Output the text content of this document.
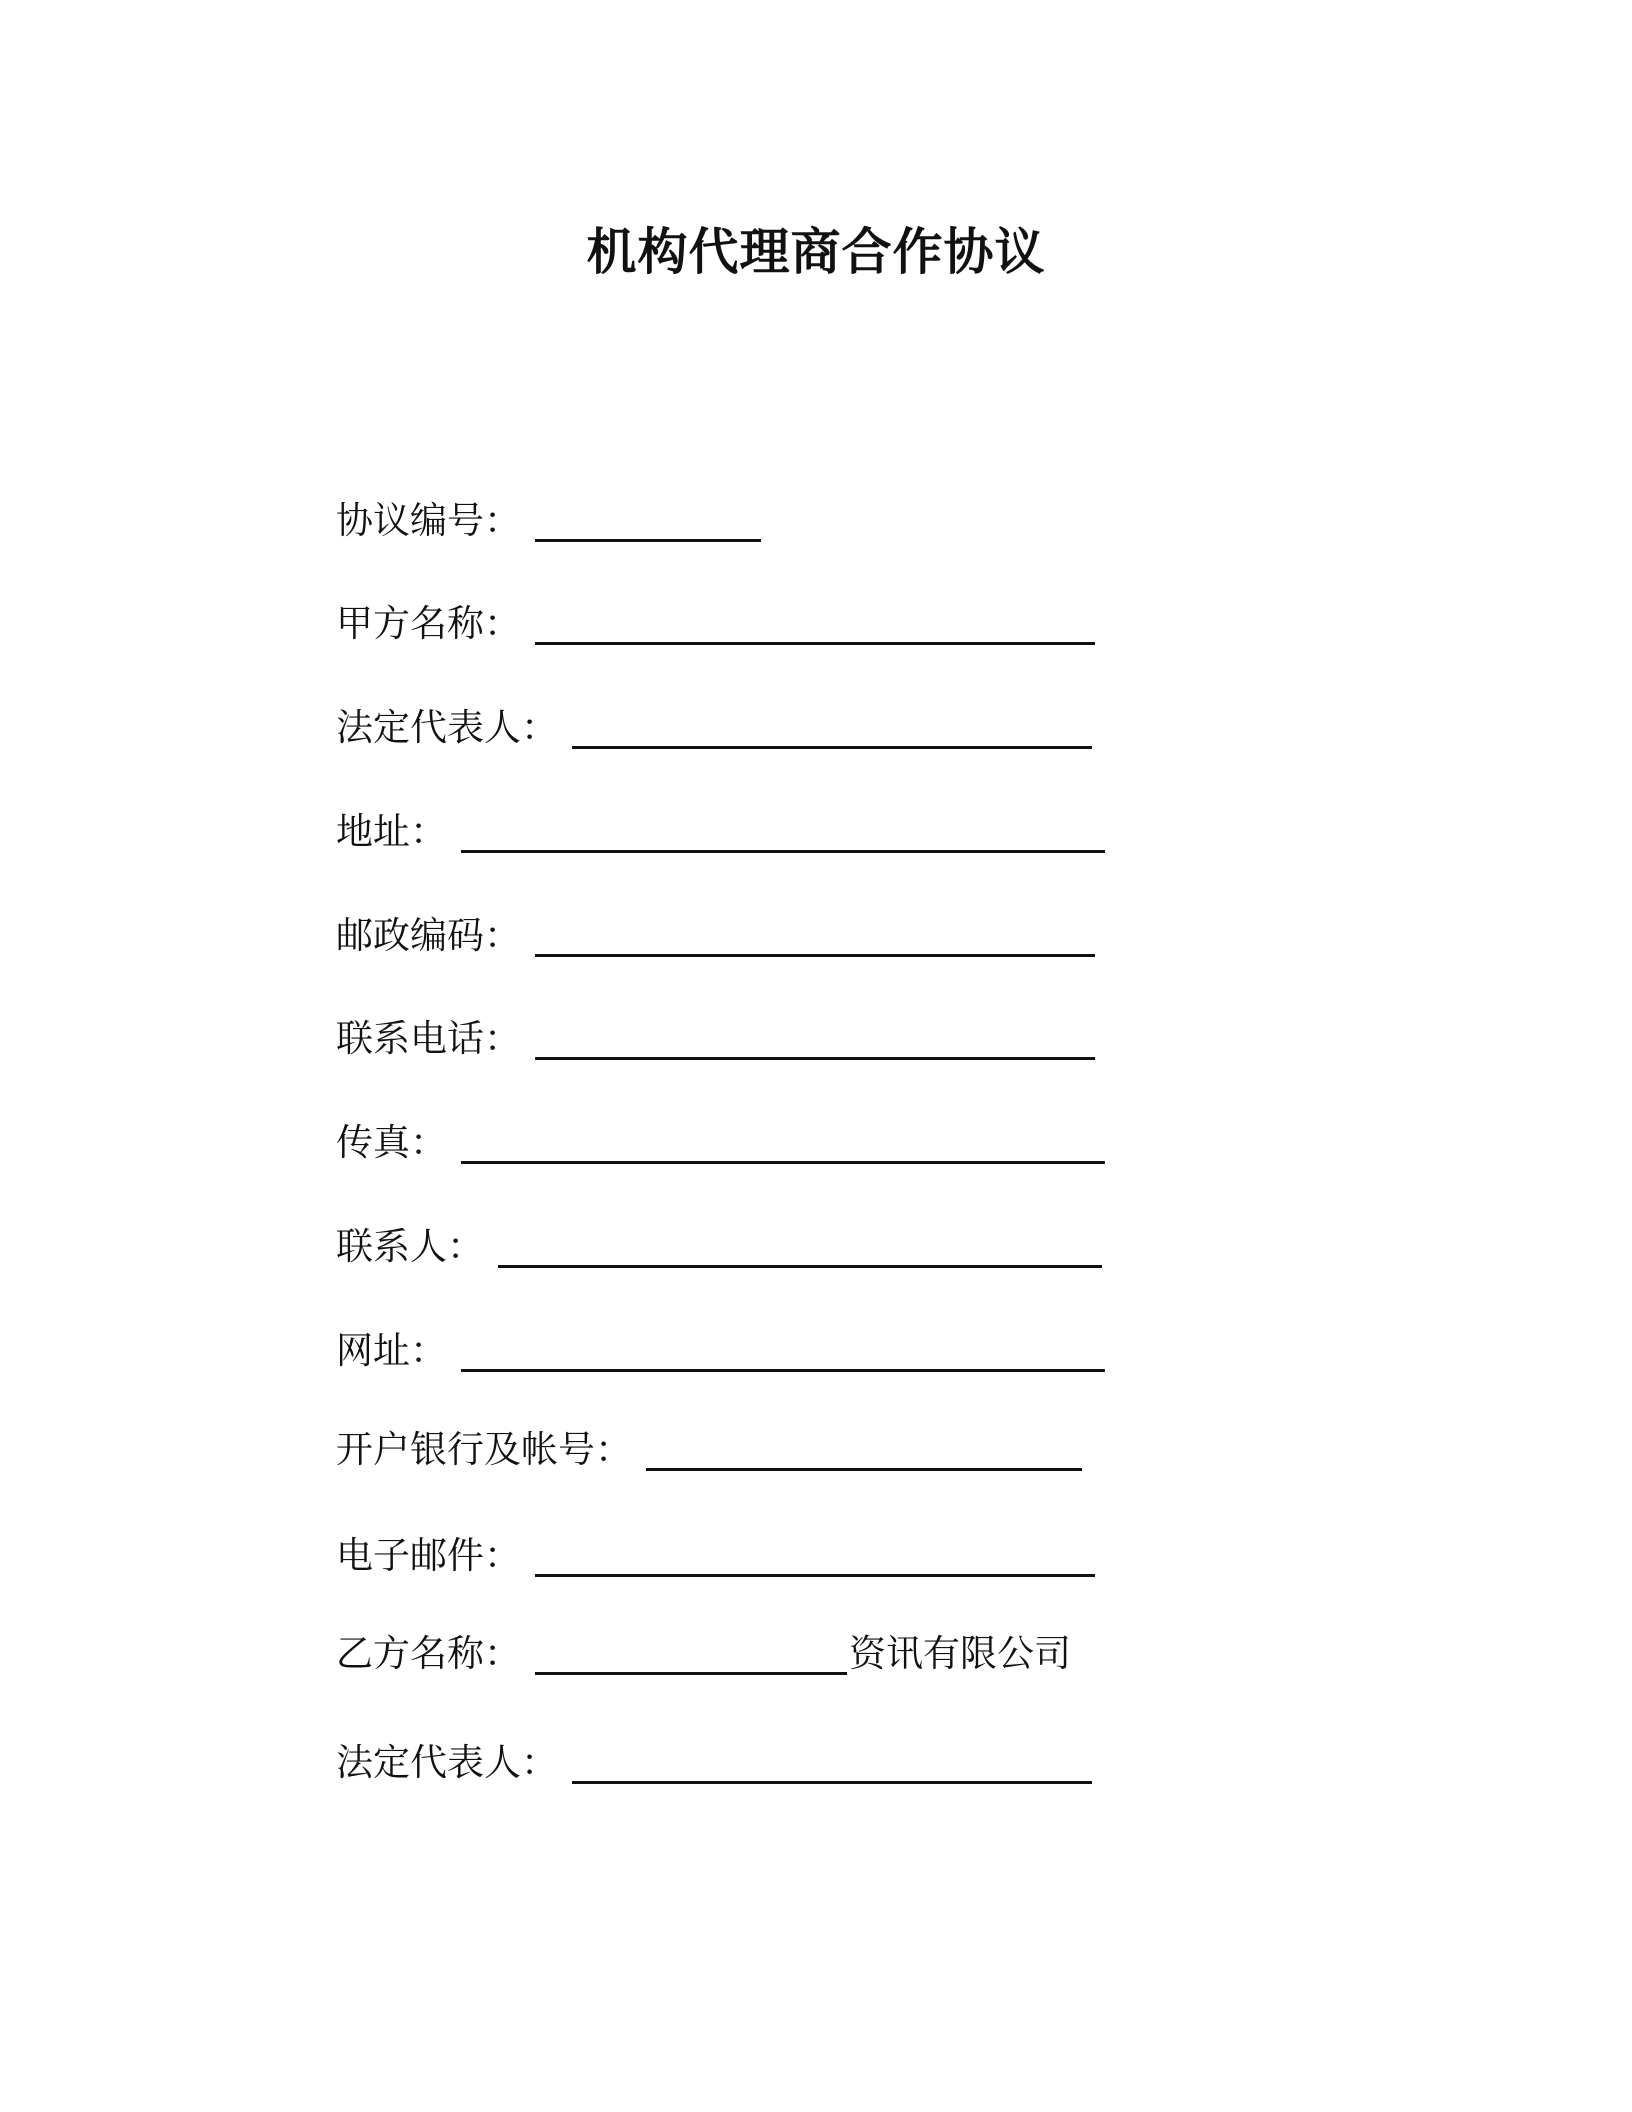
机构代理商合作协议
协议编号 ：
甲方名称 ：
法定代表人 ：
地址 ：
邮政编码 ：
联系电话 ：
传真 ：
联系人 ：
网址 ：
开户银行及帐号 ：
电子邮件 ：
乙方名称 ：	资讯有限公司
法定代表人 ：
